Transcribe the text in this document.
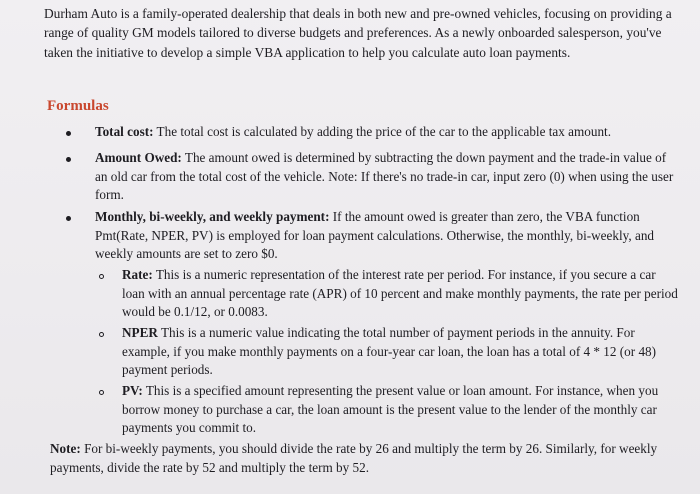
Durham Auto is a family-operated dealership that deals in both new and pre-owned vehicles, focusing on providing a range of quality GM models tailored to diverse budgets and preferences. As a newly onboarded salesperson, you've taken the initiative to develop a simple VBA application to help you calculate auto loan payments.
Formulas
Total cost: The total cost is calculated by adding the price of the car to the applicable tax amount.
Amount Owed: The amount owed is determined by subtracting the down payment and the trade-in value of an old car from the total cost of the vehicle. Note: If there's no trade-in car, input zero (0) when using the user form.
Monthly, bi-weekly, and weekly payment: If the amount owed is greater than zero, the VBA function Pmt(Rate, NPER, PV) is employed for loan payment calculations. Otherwise, the monthly, bi-weekly, and weekly amounts are set to zero $0.
Rate: This is a numeric representation of the interest rate per period. For instance, if you secure a car loan with an annual percentage rate (APR) of 10 percent and make monthly payments, the rate per period would be 0.1/12, or 0.0083.
NPER This is a numeric value indicating the total number of payment periods in the annuity. For example, if you make monthly payments on a four-year car loan, the loan has a total of 4 * 12 (or 48) payment periods.
PV: This is a specified amount representing the present value or loan amount. For instance, when you borrow money to purchase a car, the loan amount is the present value to the lender of the monthly car payments you commit to.
Note: For bi-weekly payments, you should divide the rate by 26 and multiply the term by 26. Similarly, for weekly payments, divide the rate by 52 and multiply the term by 52.
